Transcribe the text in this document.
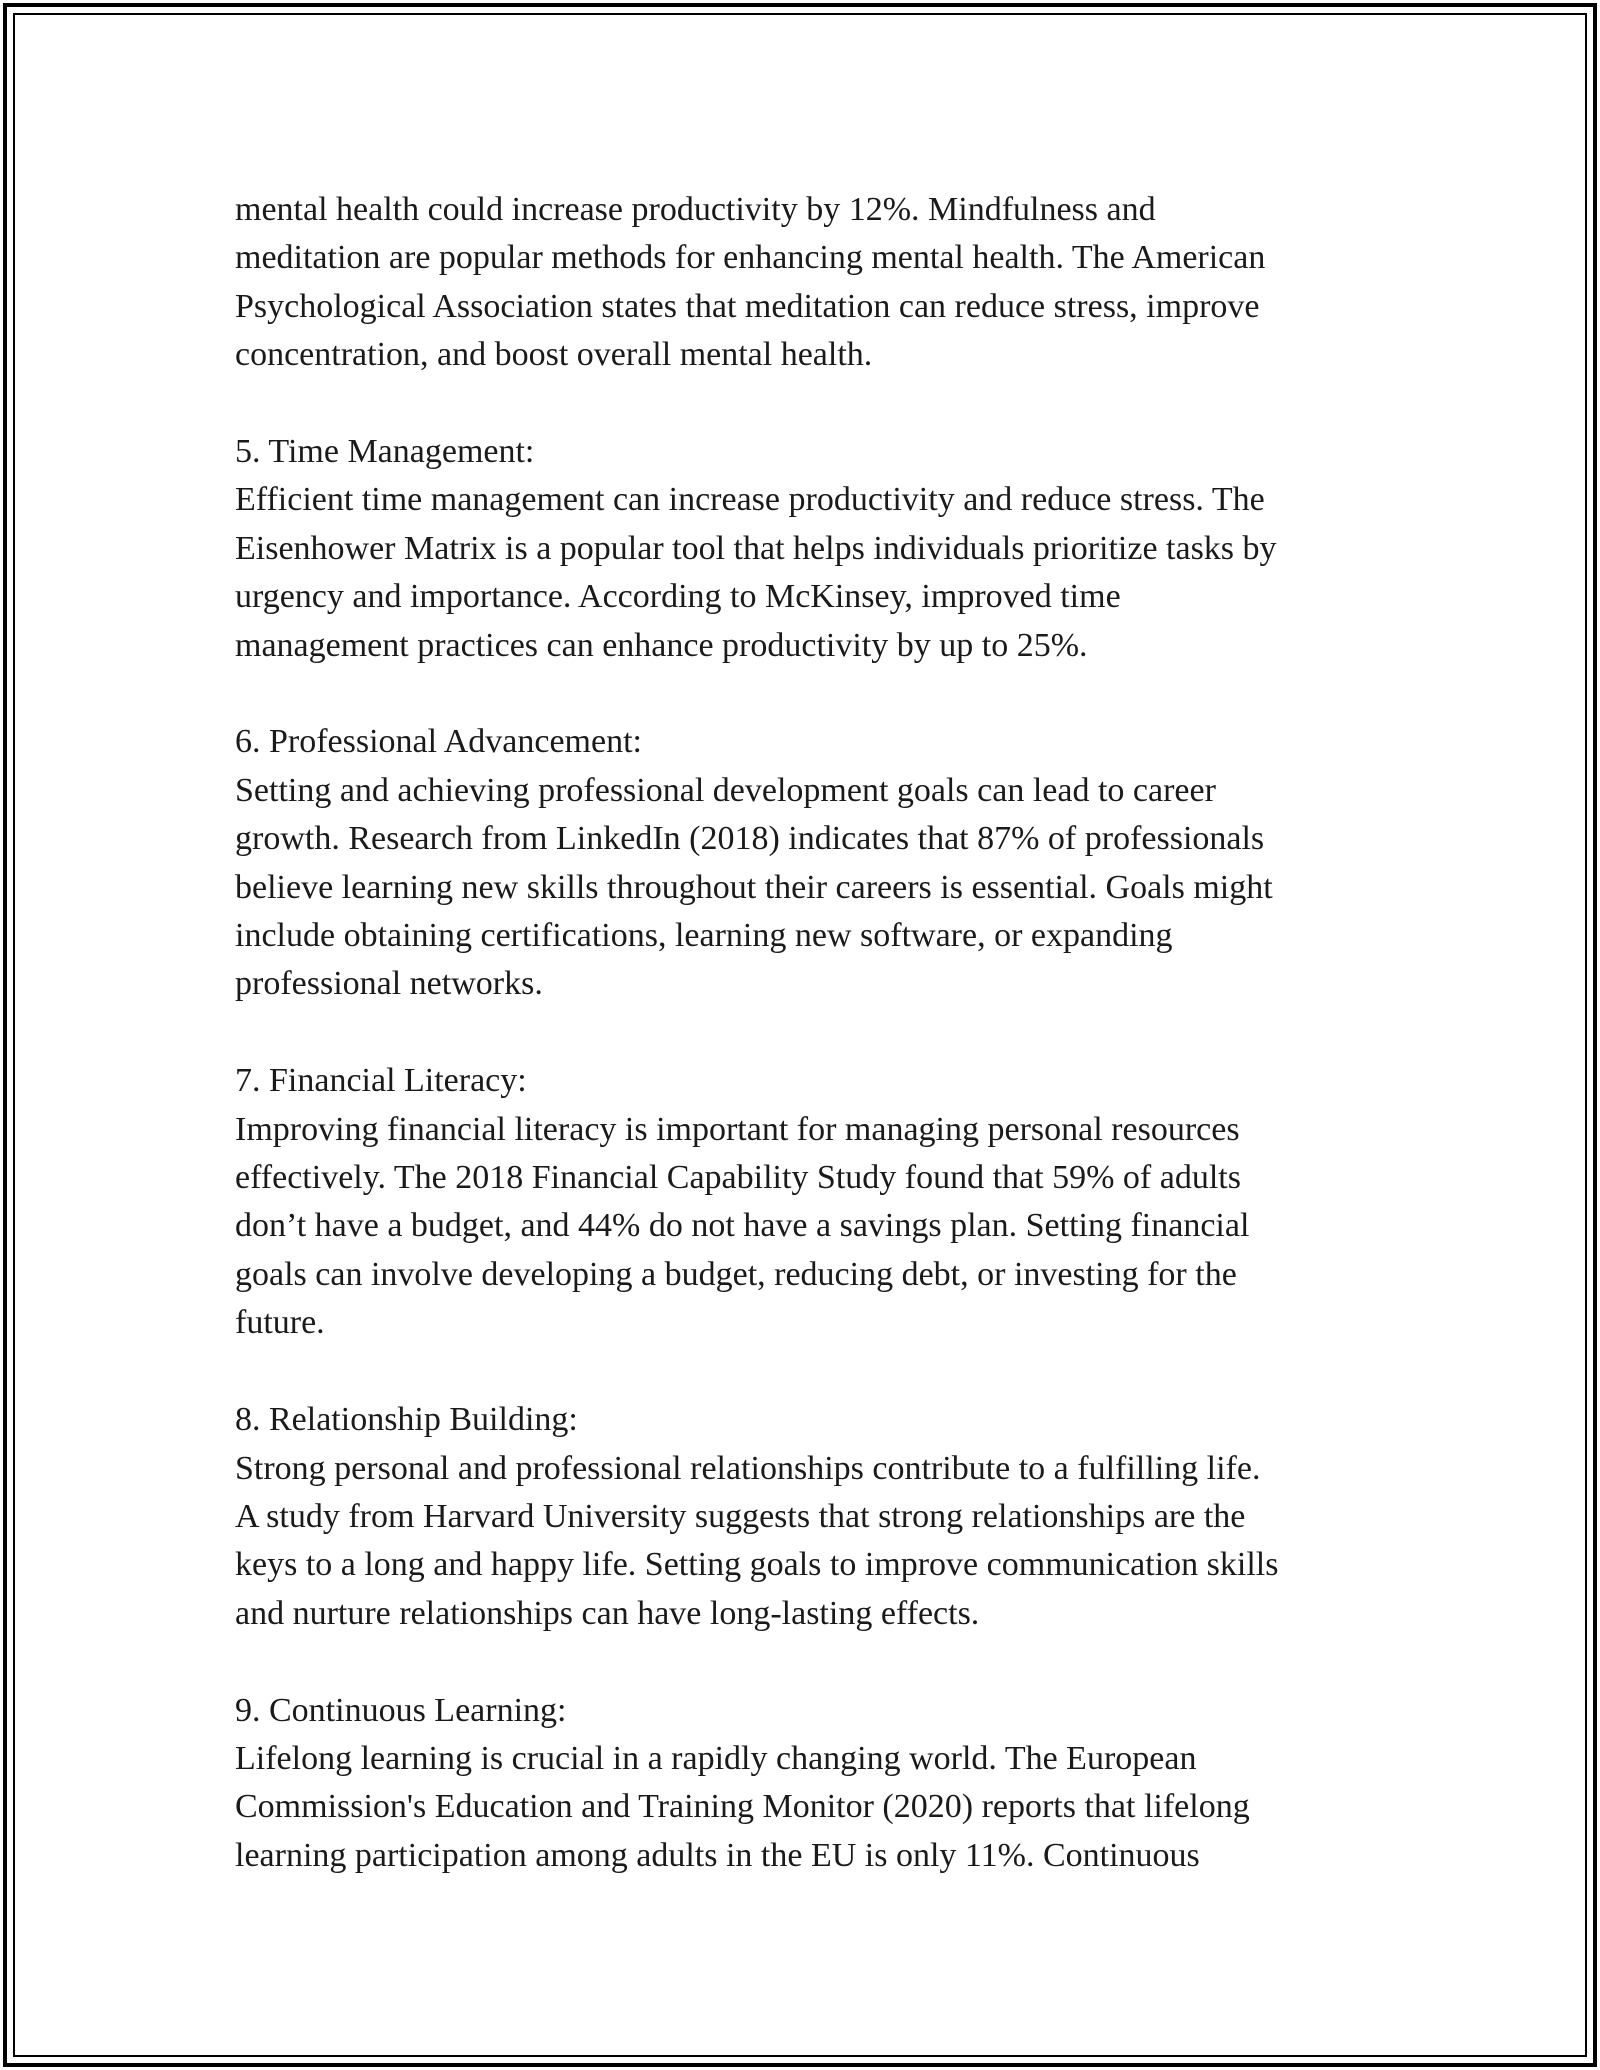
mental health could increase productivity by 12%. Mindfulness and
meditation are popular methods for enhancing mental health. The American
Psychological Association states that meditation can reduce stress, improve
concentration, and boost overall mental health.

5. Time Management:

Efficient time management can increase productivity and reduce stress. The
Eisenhower Matrix is a popular tool that helps individuals prioritize tasks by
urgency and importance. According to McKinsey, improved time
management practices can enhance productivity by up to 25%.

6. Professional Advancement:

Setting and achieving professional development goals can lead to career
growth. Research from LinkedIn (2018) indicates that 87% of professionals
believe learning new skills throughout their careers is essential. Goals might
include obtaining certifications, learning new software, or expanding
professional networks.

7. Financial Literacy:

Improving financial literacy is important for managing personal resources
effectively. The 2018 Financial Capability Study found that 59% of adults
don’t have a budget, and 44% do not have a savings plan. Setting financial
goals can involve developing a budget, reducing debt, or investing for the
future.

8. Relationship Building:

Strong personal and professional relationships contribute to a fulfilling life.
A study from Harvard University suggests that strong relationships are the
keys to a long and happy life. Setting goals to improve communication skills
and nurture relationships can have long-lasting effects.

9. Continuous Learning:

Lifelong learning is crucial in a rapidly changing world. The European
Commission's Education and Training Monitor (2020) reports that lifelong
learning participation among adults in the EU is only 11%. Continuous
